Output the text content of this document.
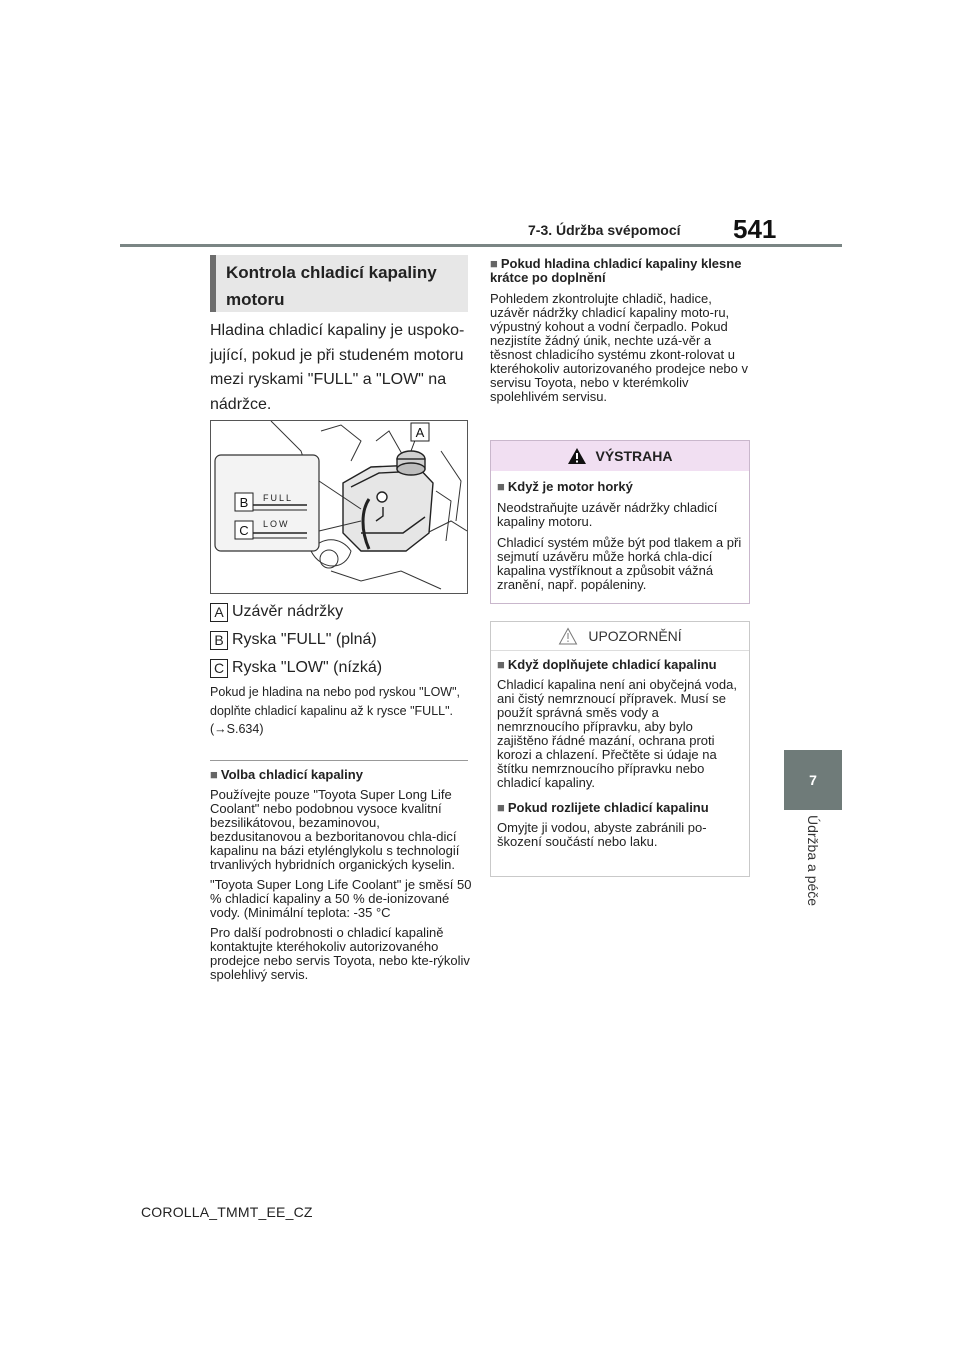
7-3. Údržba svépomocí 541
7
Údržba a péče
Kontrola chladicí kapaliny motoru
Hladina chladicí kapaliny je uspoko-jující, pokud je při studeném motoru mezi ryskami "FULL" a "LOW" na nádržce.
A
FULL
LOW
B
C
A Uzávěr nádržky
B Ryska "FULL" (plná)
C Ryska "LOW" (nízká)
Pokud je hladina na nebo pod ryskou "LOW", doplňte chladicí kapalinu až k rysce "FULL". (→S.634)
■ Volba chladicí kapaliny
Používejte pouze "Toyota Super Long Life Coolant" nebo podobnou vysoce kvalitní bezsilikátovou, bezaminovou, bezdusitanovou a bezboritanovou chla-dicí kapalinu na bázi etylénglykolu s technologií trvanlivých hybridních organických kyselin.
"Toyota Super Long Life Coolant" je směsí 50 % chladicí kapaliny a 50 % de-ionizované vody. (Minimální teplota: -35 °C
Pro další podrobnosti o chladicí kapalině kontaktujte kteréhokoliv autorizovaného prodejce nebo servis Toyota, nebo kte-rýkoliv spolehlivý servis.
■ Pokud hladina chladicí kapaliny klesne krátce po doplnění
Pohledem zkontrolujte chladič, hadice, uzávěr nádržky chladicí kapaliny moto-ru, výpustný kohout a vodní čerpadlo. Pokud nezjistíte žádný únik, nechte uzá-věr a těsnost chladicího systému zkont-rolovat u kteréhokoliv autorizovaného prodejce nebo v servisu Toyota, nebo v kterémkoliv spolehlivém servisu.
VÝSTRAHA
■ Když je motor horký
Neodstraňujte uzávěr nádržky chladicí kapaliny motoru.
Chladicí systém může být pod tlakem a při sejmutí uzávěru může horká chla-dicí kapalina vystříknout a způsobit vážná zranění, např. popáleniny.
UPOZORNĚNÍ
■ Když doplňujete chladicí kapalinu
Chladicí kapalina není ani obyčejná voda, ani čistý nemrznoucí přípravek. Musí se použít správná směs vody a nemrznoucího přípravku, aby bylo zajištěno řádné mazání, ochrana proti korozi a chlazení. Přečtěte si údaje na štítku nemrznoucího přípravku nebo chladicí kapaliny.
■ Pokud rozlijete chladicí kapalinu
Omyjte ji vodou, abyste zabránili po-škození součástí nebo laku.
COROLLA_TMMT_EE_CZ
